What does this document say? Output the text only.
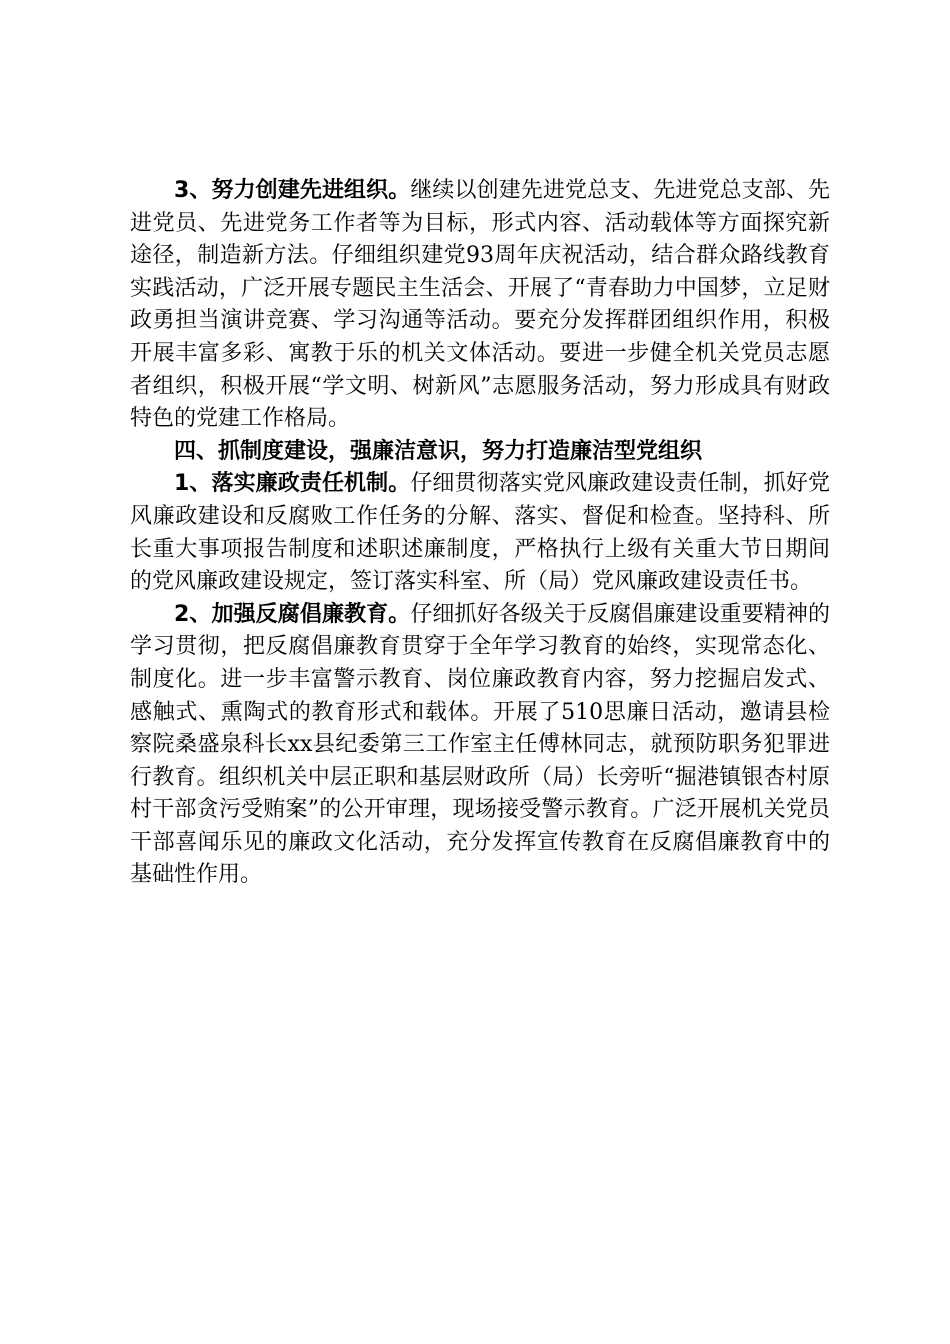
3、努力创建先进组织。继续以创建先进党总支、先进党总支部、先进党员、先进党务工作者等为目标，形式内容、活动载体等方面探究新途径，制造新方法。仔细组织建党93周年庆祝活动，结合群众路线教育实践活动，广泛开展专题民主生活会、开展了“青春助力中国梦，立足财政勇担当演讲竞赛、学习沟通等活动。要充分发挥群团组织作用，积极开展丰富多彩、寓教于乐的机关文体活动。要进一步健全机关党员志愿者组织，积极开展“学文明、树新风”志愿服务活动，努力形成具有财政特色的党建工作格局。

四、抓制度建设，强廉洁意识，努力打造廉洁型党组织

1、落实廉政责任机制。仔细贯彻落实党风廉政建设责任制，抓好党风廉政建设和反腐败工作任务的分解、落实、督促和检查。坚持科、所长重大事项报告制度和述职述廉制度，严格执行上级有关重大节日期间的党风廉政建设规定，签订落实科室、所（局）党风廉政建设责任书。

2、加强反腐倡廉教育。仔细抓好各级关于反腐倡廉建设重要精神的学习贯彻，把反腐倡廉教育贯穿于全年学习教育的始终，实现常态化、制度化。进一步丰富警示教育、岗位廉政教育内容，努力挖掘启发式、感触式、熏陶式的教育形式和载体。开展了510思廉日活动，邀请县检察院桑盛泉科长xx县纪委第三工作室主任傅林同志，就预防职务犯罪进行教育。组织机关中层正职和基层财政所（局）长旁听“掘港镇银杏村原村干部贪污受贿案”的公开审理，现场接受警示教育。广泛开展机关党员干部喜闻乐见的廉政文化活动，充分发挥宣传教育在反腐倡廉教育中的基础性作用。
